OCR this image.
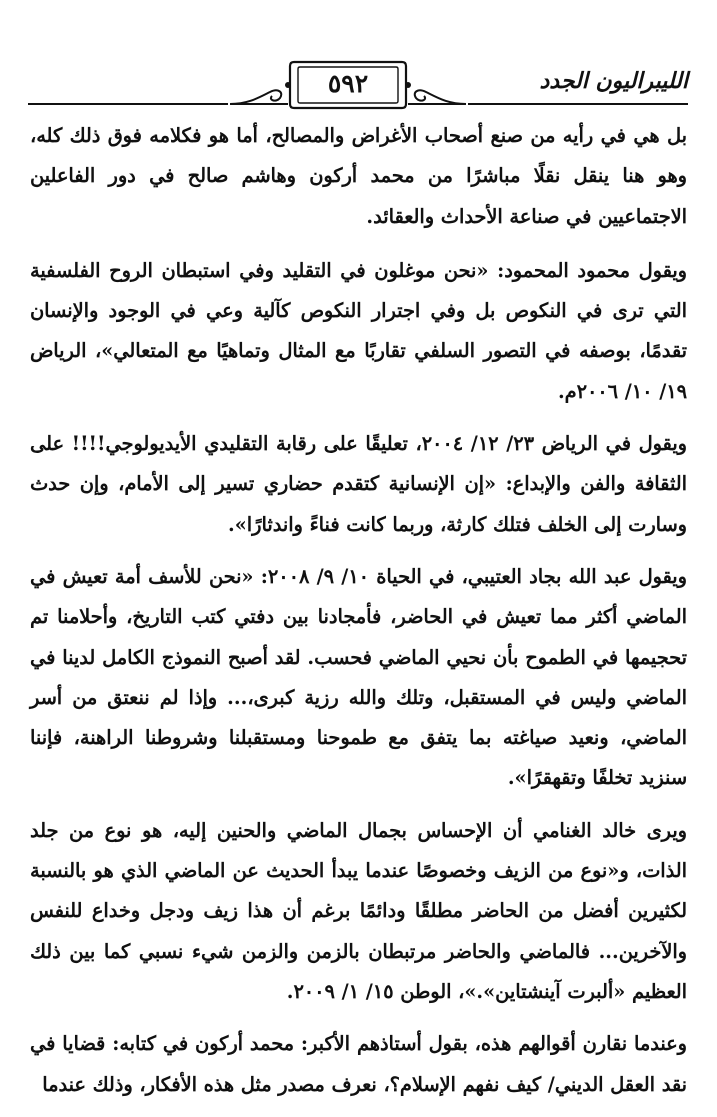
٥٩٢	الليبراليون الجدد
بل هي في رأيه من صنع أصحاب الأغراض والمصالح، أما هو فكلامه فوق ذلك كله، وهو هنا ينقل نقلًا مباشرًا من محمد أركون وهاشم صالح في دور الفاعلين الاجتماعيين في صناعة الأحداث والعقائد.
ويقول محمود المحمود: «نحن موغلون في التقليد وفي استبطان الروح الفلسفية التي ترى في النكوص بل وفي اجترار النكوص كآلية وعي في الوجود والإنسان تقدمًا، بوصفه في التصور السلفي تقاربًا مع المثال وتماهيًا مع المتعالي»، الرياض ١٩/ ١٠/ ٢٠٠٦م.
ويقول في الرياض ٢٣/ ١٢/ ٢٠٠٤، تعليقًا على رقابة التقليدي الأيديولوجي!!!! على الثقافة والفن والإبداع: «إن الإنسانية كتقدم حضاري تسير إلى الأمام، وإن حدث وسارت إلى الخلف فتلك كارثة، وربما كانت فناءً واندثارًا».
ويقول عبد الله بجاد العتيبي، في الحياة ١٠/ ٩/ ٢٠٠٨: «نحن للأسف أمة تعيش في الماضي أكثر مما تعيش في الحاضر، فأمجادنا بين دفتي كتب التاريخ، وأحلامنا تم تحجيمها في الطموح بأن نحيي الماضي فحسب. لقد أصبح النموذج الكامل لدينا في الماضي وليس في المستقبل، وتلك والله رزية كبرى،... وإذا لم ننعتق من أسر الماضي، ونعيد صياغته بما يتفق مع طموحنا ومستقبلنا وشروطنا الراهنة، فإننا سنزيد تخلفًا وتقهقرًا».
ويرى خالد الغنامي أن الإحساس بجمال الماضي والحنين إليه، هو نوع من جلد الذات، و«نوع من الزيف وخصوصًا عندما يبدأ الحديث عن الماضي الذي هو بالنسبة لكثيرين أفضل من الحاضر مطلقًا ودائمًا برغم أن هذا زيف ودجل وخداع للنفس والآخرين... فالماضي والحاضر مرتبطان بالزمن والزمن شيء نسبي كما بين ذلك العظيم «ألبرت آينشتاين».»، الوطن ١٥/ ١/ ٢٠٠٩.
وعندما نقارن أقوالهم هذه، بقول أستاذهم الأكبر: محمد أركون في كتابه: قضايا في نقد العقل الديني/ كيف نفهم الإسلام؟، نعرف مصدر مثل هذه الأفكار، وذلك عندما
